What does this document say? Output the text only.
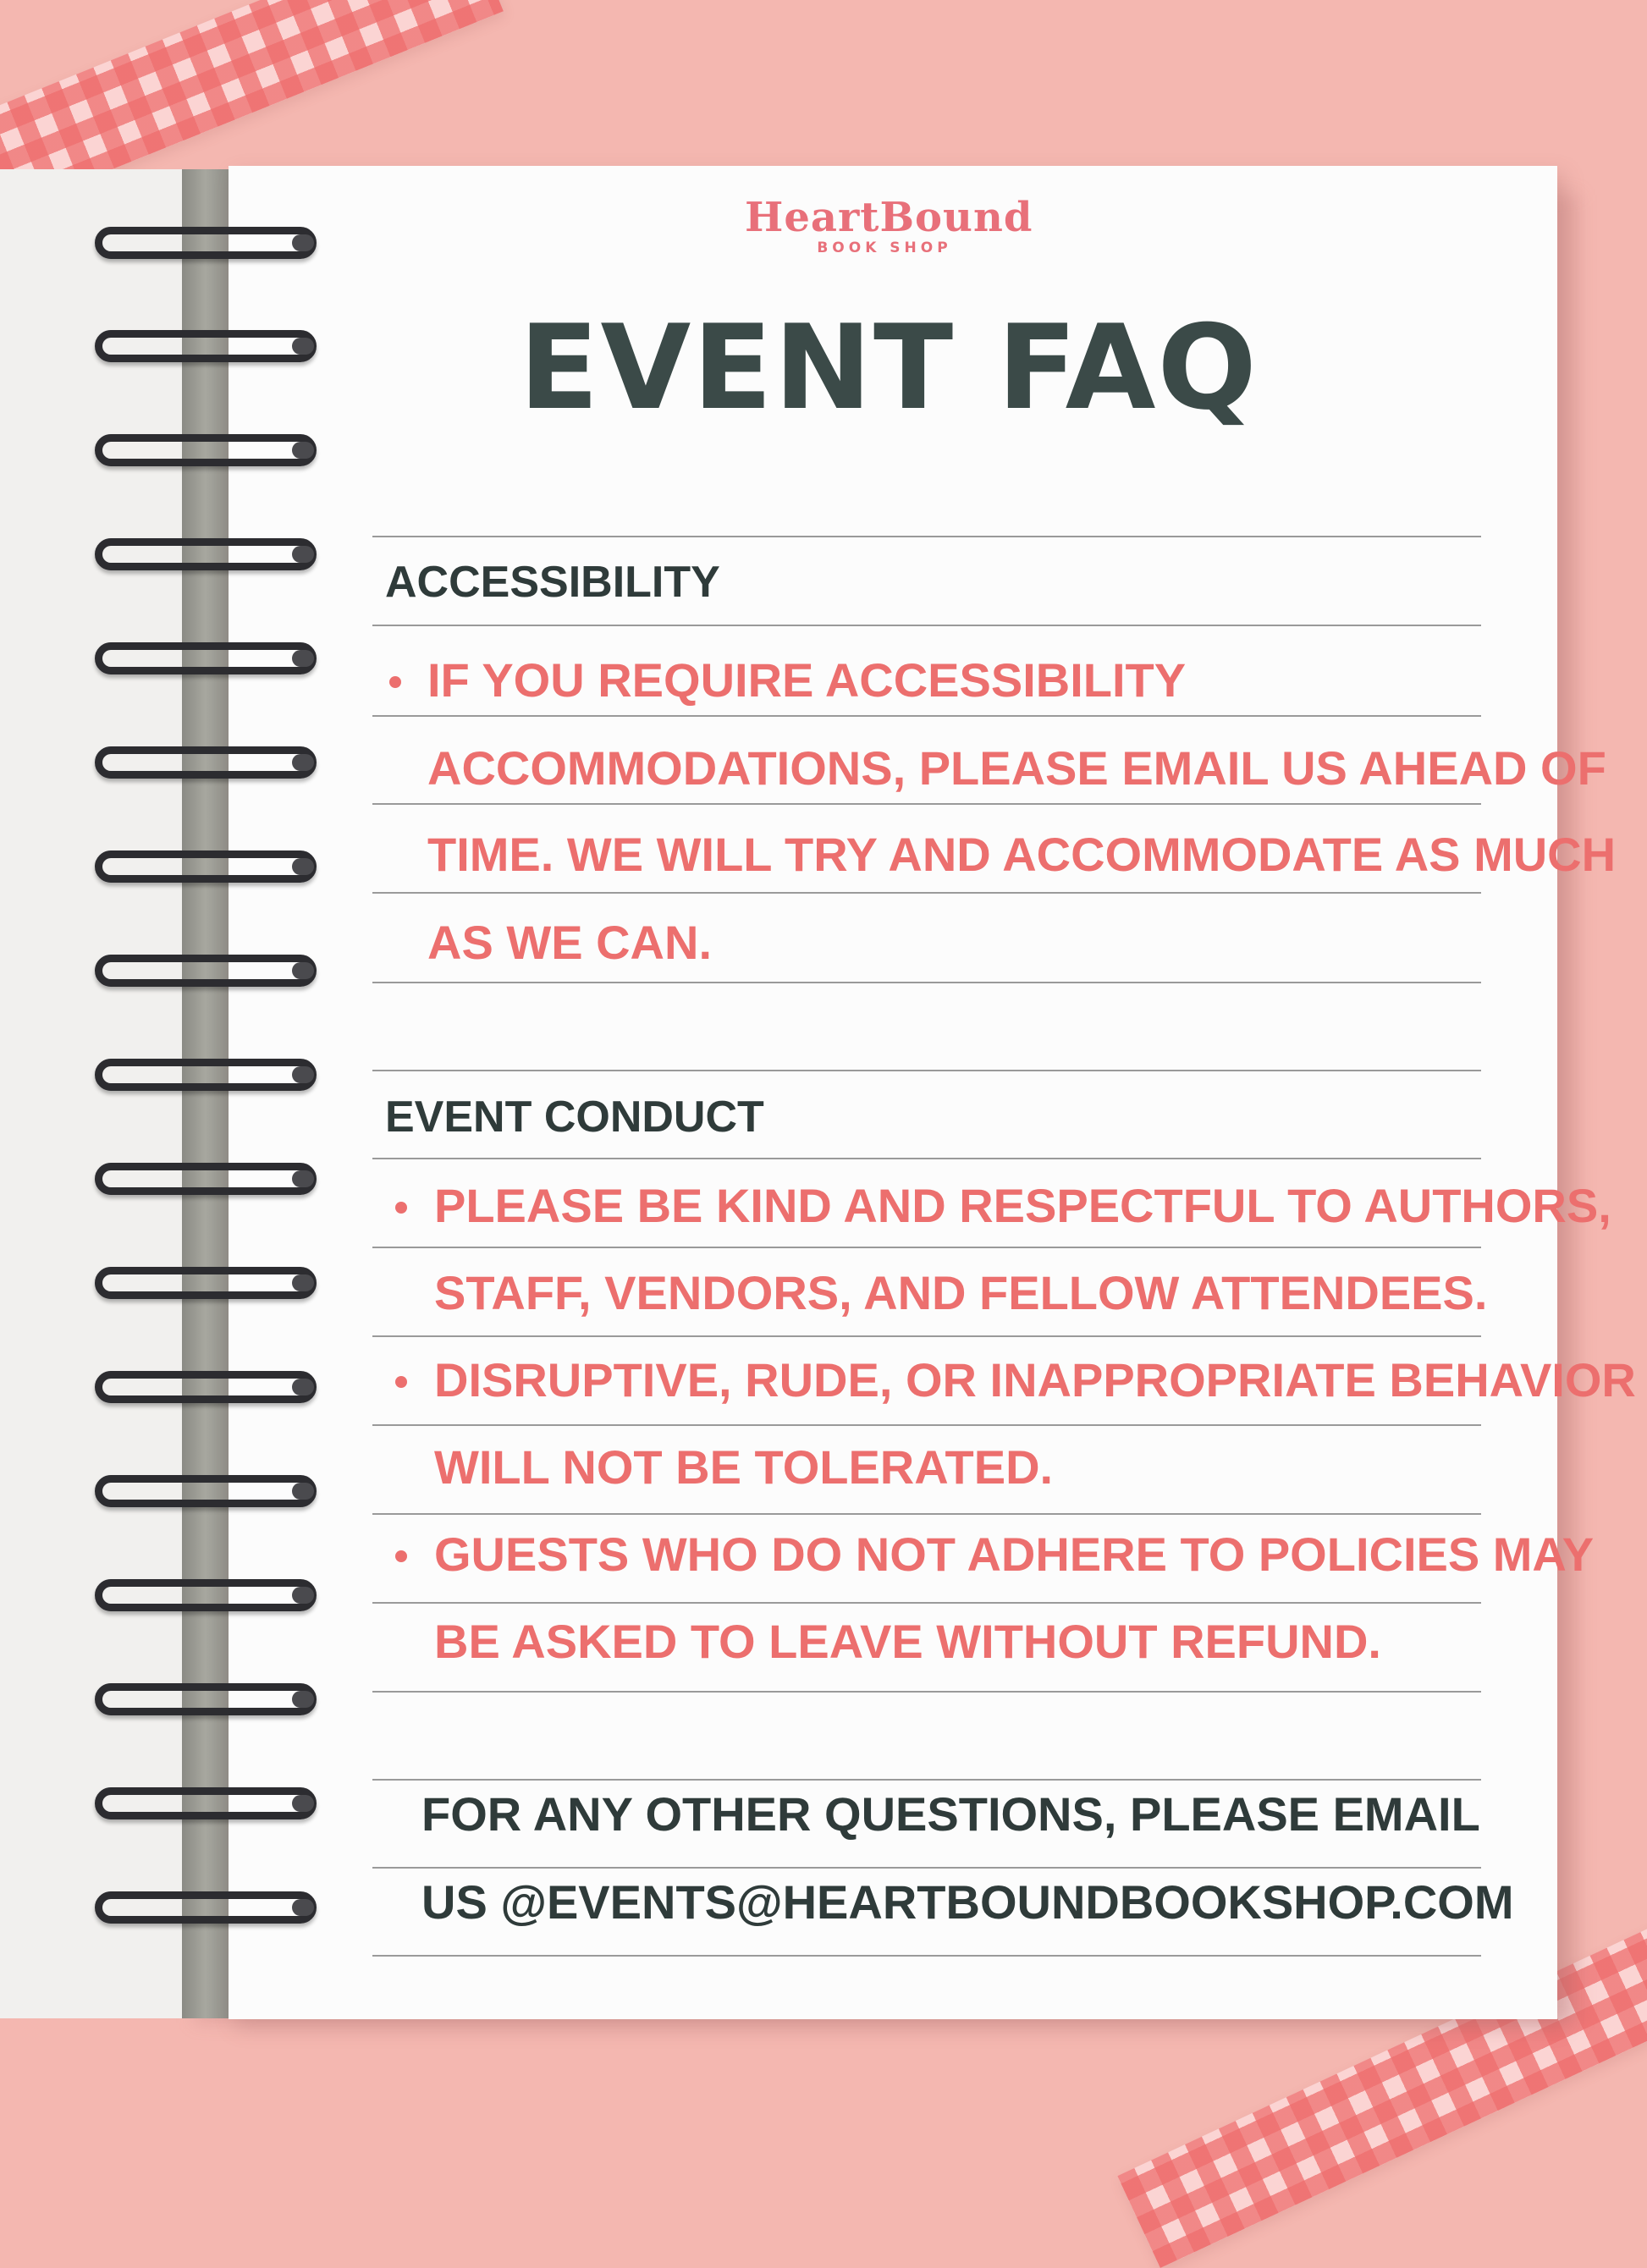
HeartBound
BOOK SHOP
EVENT FAQ
ACCESSIBILITY
IF YOU REQUIRE ACCESSIBILITY
ACCOMMODATIONS, PLEASE EMAIL US AHEAD OF
TIME. WE WILL TRY AND ACCOMMODATE AS MUCH
AS WE CAN.
EVENT CONDUCT
PLEASE BE KIND AND RESPECTFUL TO AUTHORS,
STAFF, VENDORS, AND FELLOW ATTENDEES.
DISRUPTIVE, RUDE, OR INAPPROPRIATE BEHAVIOR
WILL NOT BE TOLERATED.
GUESTS WHO DO NOT ADHERE TO POLICIES MAY
BE ASKED TO LEAVE WITHOUT REFUND.
FOR ANY OTHER QUESTIONS, PLEASE EMAIL
US @EVENTS@HEARTBOUNDBOOKSHOP.COM
